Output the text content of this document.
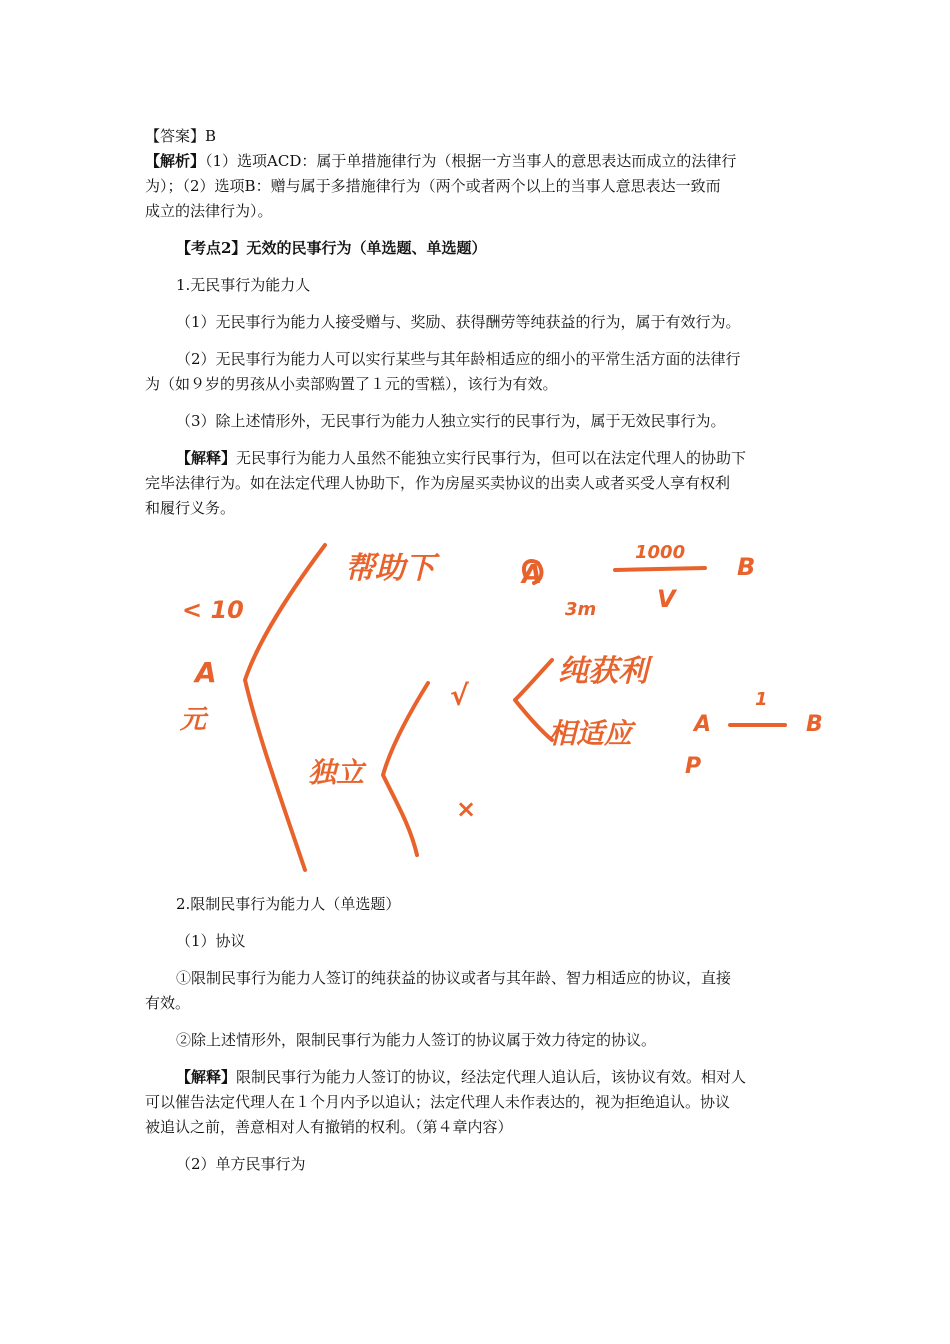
【答案】B
【解析】（1）选项ACD：属于单措施律行为（根据一方当事人的意思表达而成立的法律行
为）；（2）选项B：赠与属于多措施律行为（两个或者两个以上的当事人意思表达一致而
成立的法律行为）。
【考点2】无效的民事行为（单选题、单选题）
1.无民事行为能力人
（1）无民事行为能力人接受赠与、奖励、获得酬劳等纯获益的行为，属于有效行为。
（2）无民事行为能力人可以实行某些与其年龄相适应的细小的平常生活方面的法律行
为（如９岁的男孩从小卖部购置了１元的雪糕），该行为有效。
（3）除上述情形外，无民事行为能力人独立实行的民事行为，属于无效民事行为。
【解释】无民事行为能力人虽然不能独立实行民事行为，但可以在法定代理人的协助下
完毕法律行为。如在法定代理人协助下，作为房屋买卖协议的出卖人或者买受人享有权利
和履行义务。
< 10
A
元
帮助下
独立
√
×
纯获利
相适应
A
3m
1000
V
B
A
1
B
P
2.限制民事行为能力人（单选题）
（1）协议
①限制民事行为能力人签订的纯获益的协议或者与其年龄、智力相适应的协议，直接
有效。
②除上述情形外，限制民事行为能力人签订的协议属于效力待定的协议。
【解释】限制民事行为能力人签订的协议，经法定代理人追认后，该协议有效。相对人
可以催告法定代理人在１个月内予以追认；法定代理人未作表达的，视为拒绝追认。协议
被追认之前，善意相对人有撤销的权利。（第４章内容）
（2）单方民事行为
